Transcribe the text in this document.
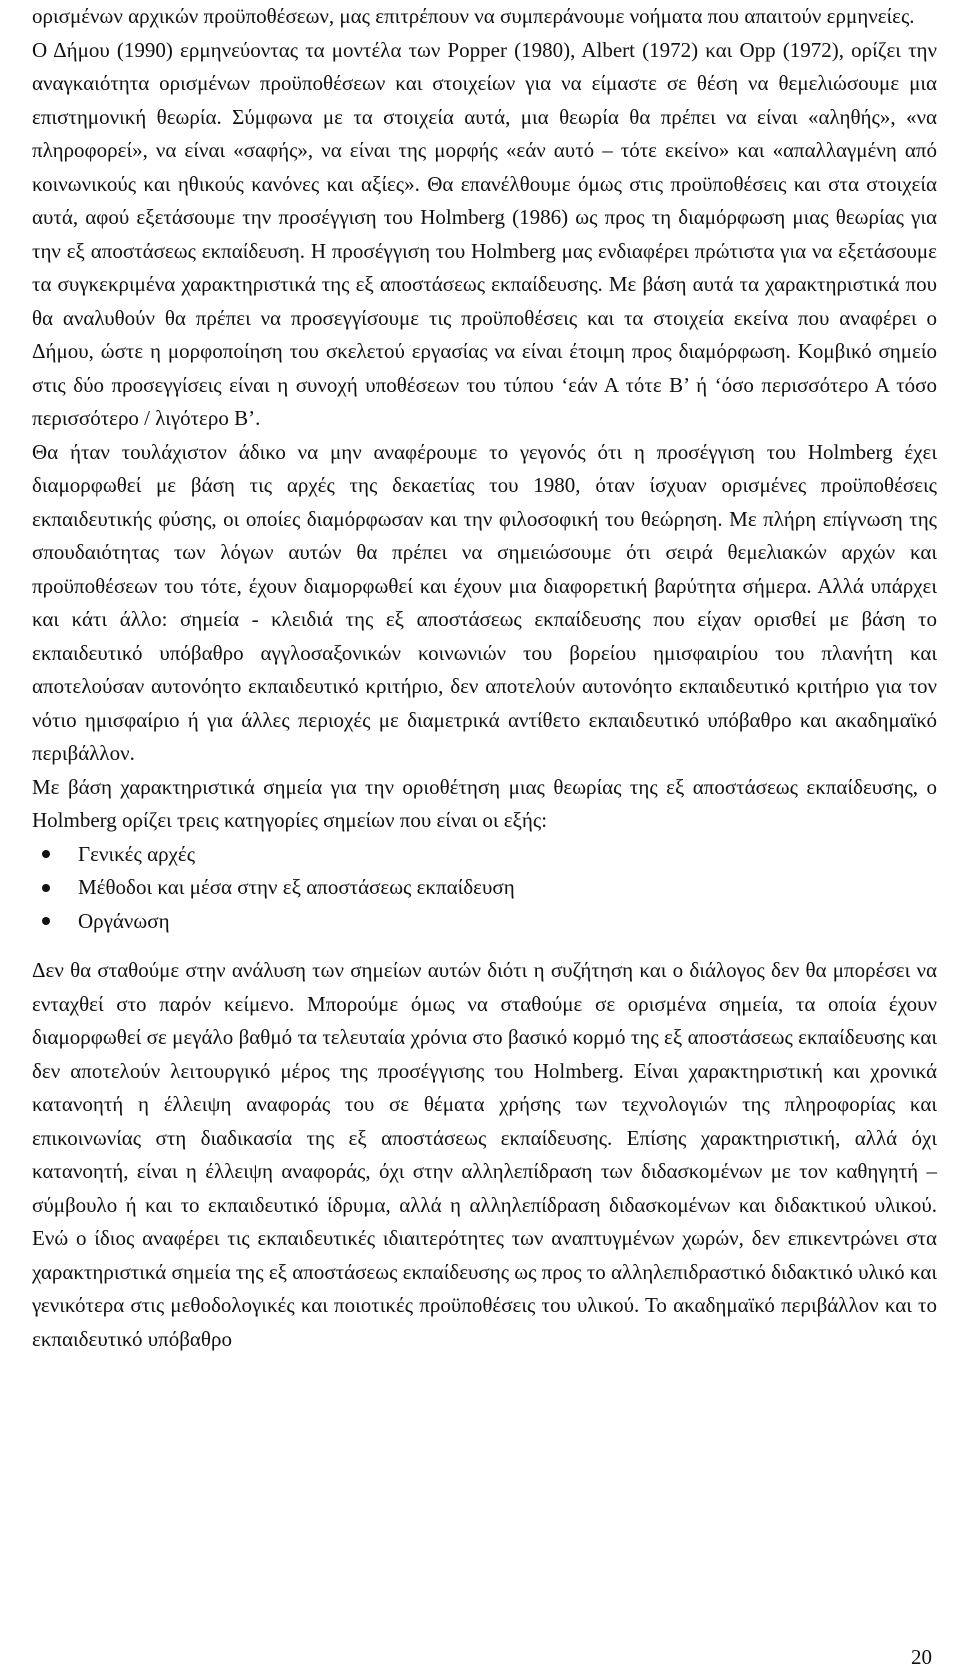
ορισμένων αρχικών προϋποθέσεων, μας επιτρέπουν να συμπεράνουμε νοήματα που απαιτούν ερμηνείες.

Ο Δήμου (1990) ερμηνεύοντας τα μοντέλα των Popper (1980), Albert (1972) και Opp (1972), ορίζει την αναγκαιότητα ορισμένων προϋποθέσεων και στοιχείων για να είμαστε σε θέση να θεμελιώσουμε μια επιστημονική θεωρία. Σύμφωνα με τα στοιχεία αυτά, μια θεωρία θα πρέπει να είναι «αληθής», «να πληροφορεί», να είναι «σαφής», να είναι της μορφής «εάν αυτό – τότε εκείνο» και «απαλλαγμένη από κοινωνικούς και ηθικούς κανόνες και αξίες». Θα επανέλθουμε όμως στις προϋποθέσεις και στα στοιχεία αυτά, αφού εξετάσουμε την προσέγγιση του Holmberg (1986) ως προς τη διαμόρφωση μιας θεωρίας για την εξ αποστάσεως εκπαίδευση. Η προσέγγιση του Holmberg μας ενδιαφέρει πρώτιστα για να εξετάσουμε τα συγκεκριμένα χαρακτηριστικά της εξ αποστάσεως εκπαίδευσης. Με βάση αυτά τα χαρακτηριστικά που θα αναλυθούν θα πρέπει να προσεγγίσουμε τις προϋποθέσεις και τα στοιχεία εκείνα που αναφέρει ο Δήμου, ώστε η μορφοποίηση του σκελετού εργασίας να είναι έτοιμη προς διαμόρφωση. Κομβικό σημείο στις δύο προσεγγίσεις είναι η συνοχή υποθέσεων του τύπου ‘εάν Α τότε Β’ ή ‘όσο περισσότερο Α τόσο περισσότερο / λιγότερο Β’.

Θα ήταν τουλάχιστον άδικο να μην αναφέρουμε το γεγονός ότι η προσέγγιση του Holmberg έχει διαμορφωθεί με βάση τις αρχές της δεκαετίας του 1980, όταν ίσχυαν ορισμένες προϋποθέσεις εκπαιδευτικής φύσης, οι οποίες διαμόρφωσαν και την φιλοσοφική του θεώρηση. Με πλήρη επίγνωση της σπουδαιότητας των λόγων αυτών θα πρέπει να σημειώσουμε ότι σειρά θεμελιακών αρχών και προϋποθέσεων του τότε, έχουν διαμορφωθεί και έχουν μια διαφορετική βαρύτητα σήμερα. Αλλά υπάρχει και κάτι άλλο: σημεία - κλειδιά της εξ αποστάσεως εκπαίδευσης που είχαν ορισθεί με βάση το εκπαιδευτικό υπόβαθρο αγγλοσαξονικών κοινωνιών του βορείου ημισφαιρίου του πλανήτη και αποτελούσαν αυτονόητο εκπαιδευτικό κριτήριο, δεν αποτελούν αυτονόητο εκπαιδευτικό κριτήριο για τον νότιο ημισφαίριο ή για άλλες περιοχές με διαμετρικά αντίθετο εκπαιδευτικό υπόβαθρο και ακαδημαϊκό περιβάλλον.

Με βάση χαρακτηριστικά σημεία για την οριοθέτηση μιας θεωρίας της εξ αποστάσεως εκπαίδευσης, ο Holmberg ορίζει τρεις κατηγορίες σημείων που είναι οι εξής:

Γενικές αρχές
Μέθοδοι και μέσα στην εξ αποστάσεως εκπαίδευση
Οργάνωση

Δεν θα σταθούμε στην ανάλυση των σημείων αυτών διότι η συζήτηση και ο διάλογος δεν θα μπορέσει να ενταχθεί στο παρόν κείμενο. Μπορούμε όμως να σταθούμε σε ορισμένα σημεία, τα οποία έχουν διαμορφωθεί σε μεγάλο βαθμό τα τελευταία χρόνια στο βασικό κορμό της εξ αποστάσεως εκπαίδευσης και δεν αποτελούν λειτουργικό μέρος της προσέγγισης του Holmberg. Είναι χαρακτηριστική και χρονικά κατανοητή η έλλειψη αναφοράς του σε θέματα χρήσης των τεχνολογιών της πληροφορίας και επικοινωνίας στη διαδικασία της εξ αποστάσεως εκπαίδευσης. Επίσης χαρακτηριστική, αλλά όχι κατανοητή, είναι η έλλειψη αναφοράς, όχι στην αλληλεπίδραση των διδασκομένων με τον καθηγητή – σύμβουλο ή και το εκπαιδευτικό ίδρυμα, αλλά η αλληλεπίδραση διδασκομένων και διδακτικού υλικού. Ενώ ο ίδιος αναφέρει τις εκπαιδευτικές ιδιαιτερότητες των αναπτυγμένων χωρών, δεν επικεντρώνει στα χαρακτηριστικά σημεία της εξ αποστάσεως εκπαίδευσης ως προς το αλληλεπιδραστικό διδακτικό υλικό και γενικότερα στις μεθοδολογικές και ποιοτικές προϋποθέσεις του υλικού. Το ακαδημαϊκό περιβάλλον και το εκπαιδευτικό υπόβαθρο

20
